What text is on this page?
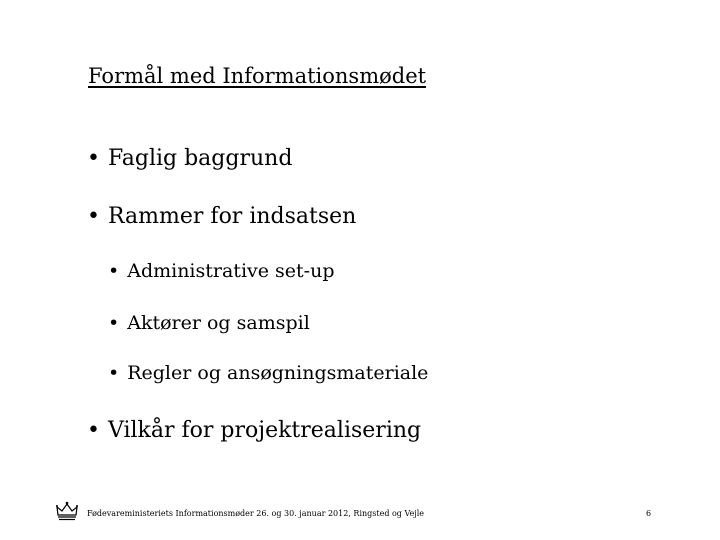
Formål med Informationsmødet
• Faglig baggrund
• Rammer for indsatsen
• Administrative set-up
• Aktører og samspil
• Regler og ansøgningsmateriale
• Vilkår for projektrealisering
Fødevareministeriets Informationsmøder 26. og 30. januar 2012, Ringsted og Vejle	6
